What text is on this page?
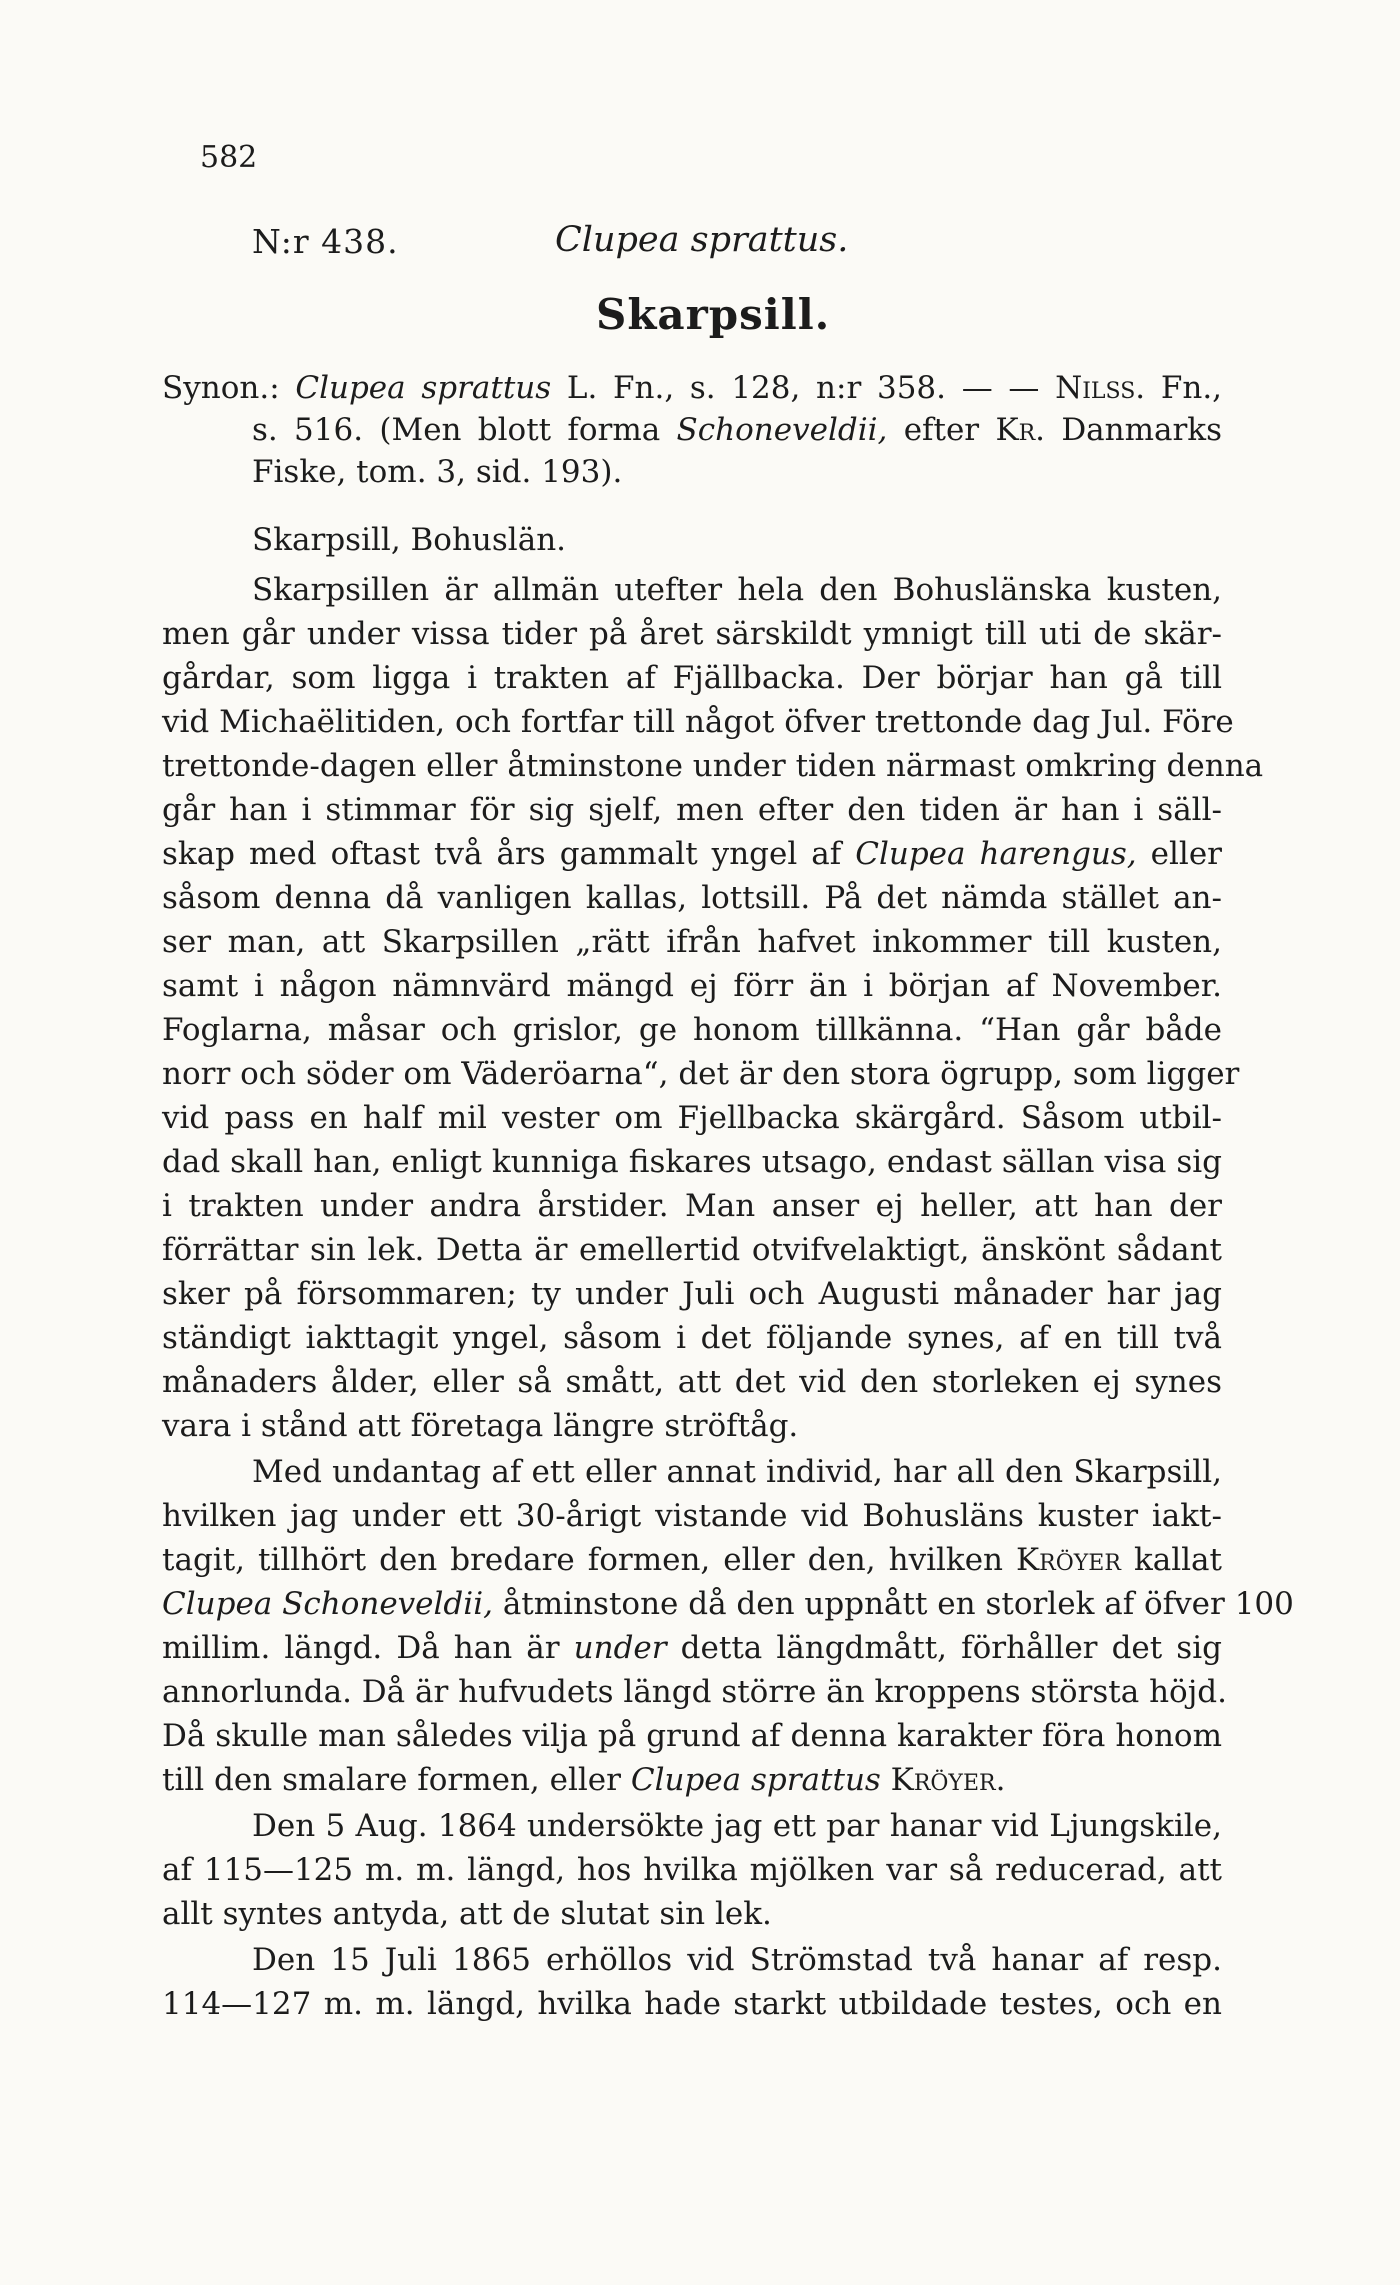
582
N:r 438.	Clupea sprattus.
Skarpsill.
Synon.: Clupea sprattus L. Fn., s. 128, n:r 358. — — Nilss. Fn.,
s. 516. (Men blott forma Schoneveldii, efter Kr. Danmarks
Fiske, tom. 3, sid. 193).
Skarpsill, Bohuslän.
Skarpsillen är allmän utefter hela den Bohuslänska kusten,
men går under vissa tider på året särskildt ymnigt till uti de skär-
gårdar, som ligga i trakten af Fjällbacka. Der börjar han gå till
vid Michaëlitiden, och fortfar till något öfver trettonde dag Jul. Före
trettonde-dagen eller åtminstone under tiden närmast omkring denna
går han i stimmar för sig sjelf, men efter den tiden är han i säll-
skap med oftast två års gammalt yngel af Clupea harengus, eller
såsom denna då vanligen kallas, lottsill. På det nämda stället an-
ser man, att Skarpsillen „rätt ifrån hafvet inkommer till kusten,
samt i någon nämnvärd mängd ej förr än i början af November.
Foglarna, måsar och grislor, ge honom tillkänna. “Han går både
norr och söder om Väderöarna“, det är den stora ögrupp, som ligger
vid pass en half mil vester om Fjellbacka skärgård. Såsom utbil-
dad skall han, enligt kunniga fiskares utsago, endast sällan visa sig
i trakten under andra årstider. Man anser ej heller, att han der
förrättar sin lek. Detta är emellertid otvifvelaktigt, änskönt sådant
sker på försommaren; ty under Juli och Augusti månader har jag
ständigt iakttagit yngel, såsom i det följande synes, af en till två
månaders ålder, eller så smått, att det vid den storleken ej synes
vara i stånd att företaga längre ströftåg.
Med undantag af ett eller annat individ, har all den Skarpsill,
hvilken jag under ett 30-årigt vistande vid Bohusläns kuster iakt-
tagit, tillhört den bredare formen, eller den, hvilken Kröyer kallat
Clupea Schoneveldii, åtminstone då den uppnått en storlek af öfver 100
millim. längd. Då han är under detta längdmått, förhåller det sig
annorlunda. Då är hufvudets längd större än kroppens största höjd.
Då skulle man således vilja på grund af denna karakter föra honom
till den smalare formen, eller Clupea sprattus Kröyer.
Den 5 Aug. 1864 undersökte jag ett par hanar vid Ljungskile,
af 115—125 m. m. längd, hos hvilka mjölken var så reducerad, att
allt syntes antyda, att de slutat sin lek.
Den 15 Juli 1865 erhöllos vid Strömstad två hanar af resp.
114—127 m. m. längd, hvilka hade starkt utbildade testes, och en
